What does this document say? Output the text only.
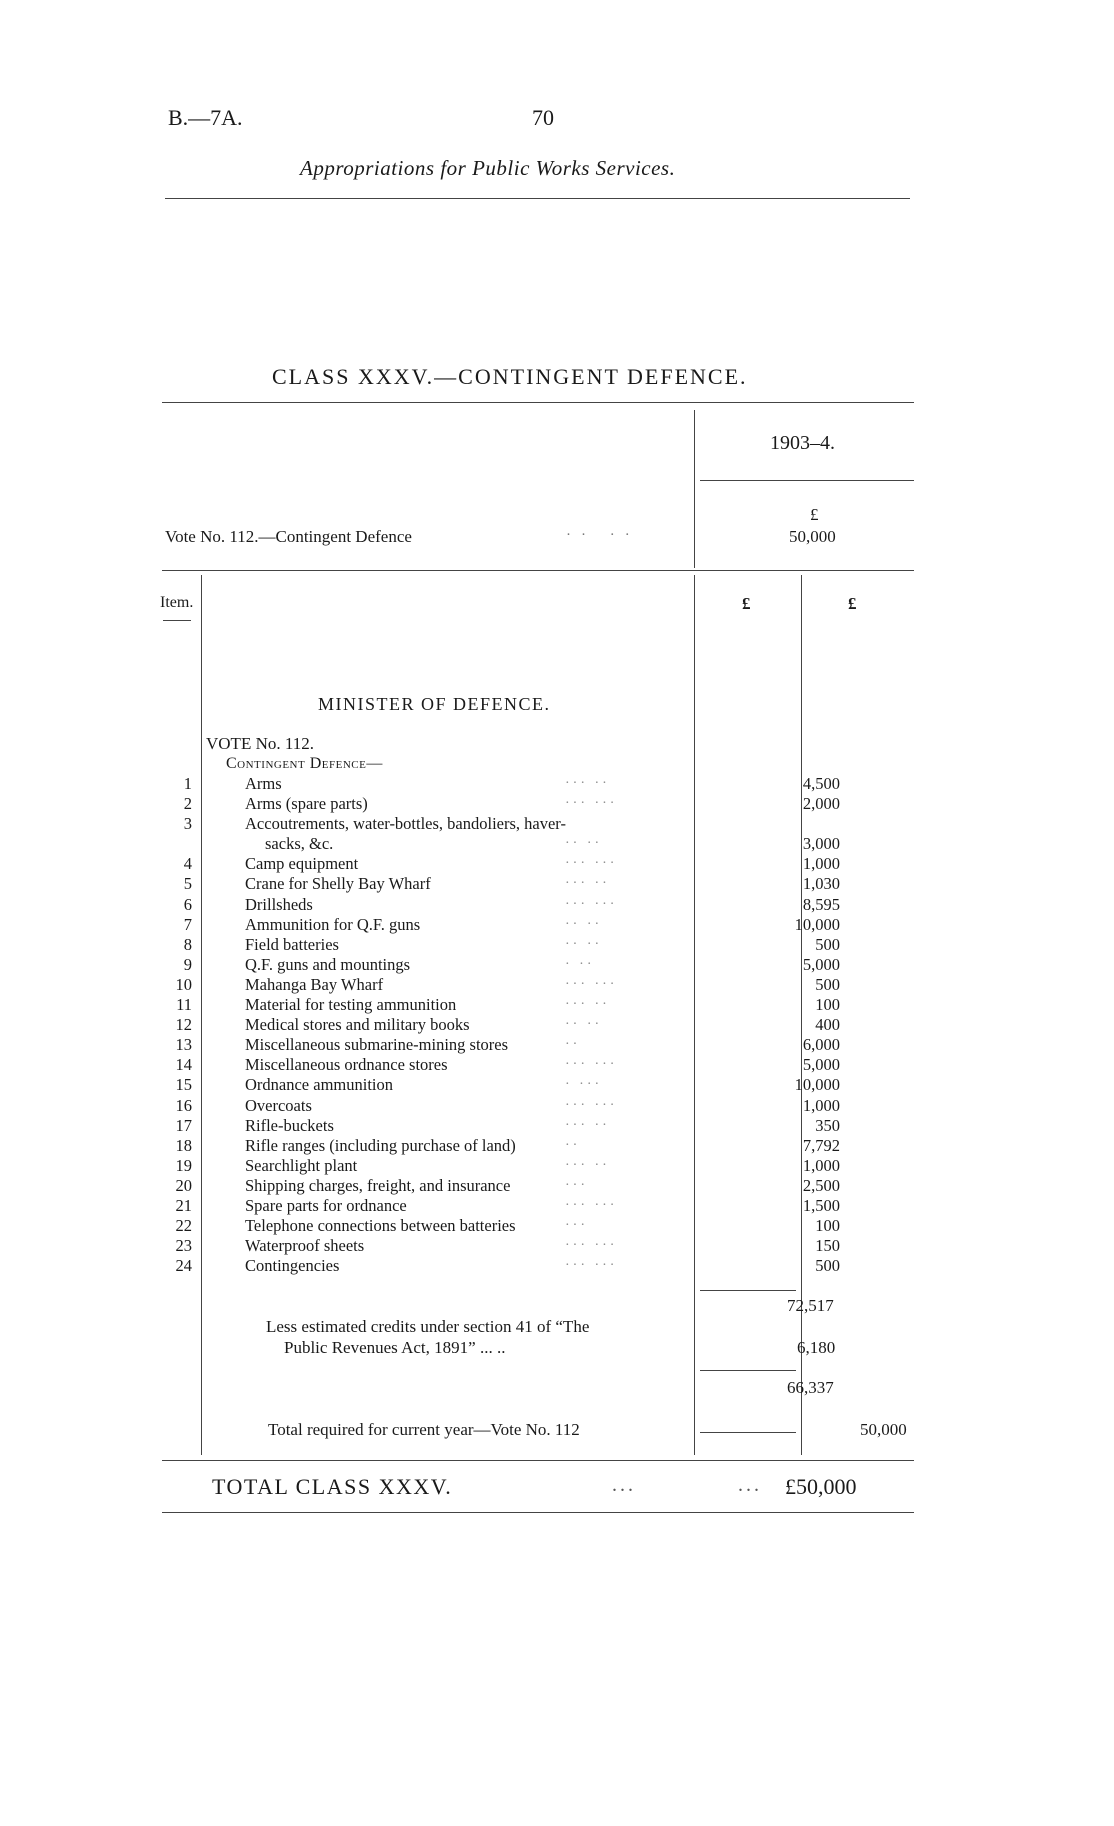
B.—7A.	70
Appropriations for Public Works Services.
CLASS XXXV.—CONTINGENT DEFENCE.
1903–4.
£
Vote No. 112.—Contingent Defence	·· ··	50,000
Item.	£	£
MINISTER OF DEFENCE.
VOTE No. 112.
Contingent Defence—
1	Arms	··· ··	4,500
2	Arms (spare parts)	··· ···	2,000
3	Accoutrements, water-bottles, bandoliers, haver-
sacks, &c.	·· ··	3,000
4	Camp equipment	··· ···	1,000
5	Crane for Shelly Bay Wharf	··· ··	1,030
6	Drillsheds	··· ···	8,595
7	Ammunition for Q.F. guns	·· ··	10,000
8	Field batteries	·· ··	500
9	Q.F. guns and mountings	· ··	5,000
10	Mahanga Bay Wharf	··· ···	500
11	Material for testing ammunition	··· ··	100
12	Medical stores and military books	·· ··	400
13	Miscellaneous submarine-mining stores	··	6,000
14	Miscellaneous ordnance stores	··· ···	5,000
15	Ordnance ammunition	· ···	10,000
16	Overcoats	··· ···	1,000
17	Rifle-buckets	··· ··	350
18	Rifle ranges (including purchase of land)	··	7,792
19	Searchlight plant	··· ··	1,000
20	Shipping charges, freight, and insurance	···	2,500
21	Spare parts for ordnance	··· ···	1,500
22	Telephone connections between batteries	···	100
23	Waterproof sheets	··· ···	150
24	Contingencies	··· ···	500
72,517
Less estimated credits under section 41 of “The
Public Revenues Act, 1891” ... ..	6,180
66,337
Total required for current year—Vote No. 112	50,000
TOTAL CLASS XXXV.	...	... £50,000
